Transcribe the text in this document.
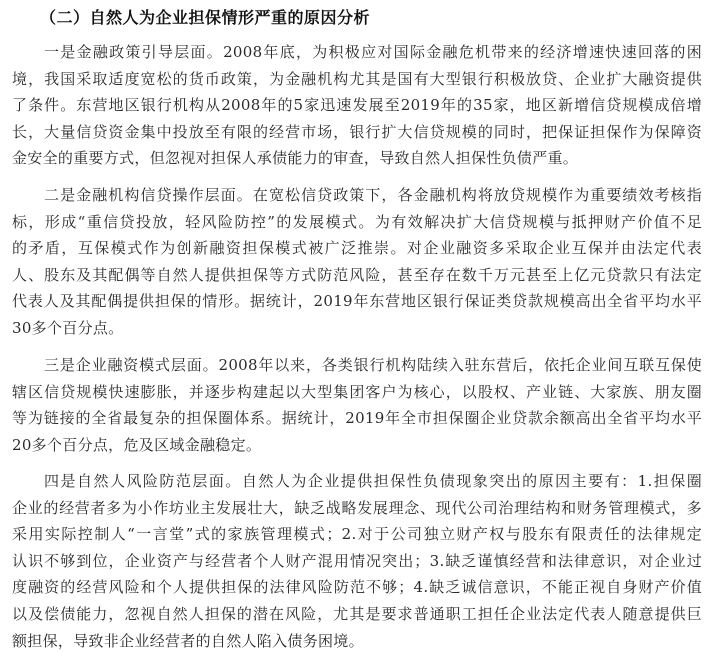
（二）自然人为企业担保情形严重的原因分析
一是金融政策引导层面。2008年底，为积极应对国际金融危机带来的经济增速快速回落的困
境，我国采取适度宽松的货币政策，为金融机构尤其是国有大型银行积极放贷、企业扩大融资提供
了条件。东营地区银行机构从2008年的5家迅速发展至2019年的35家，地区新增信贷规模成倍增
长，大量信贷资金集中投放至有限的经营市场，银行扩大信贷规模的同时，把保证担保作为保障资
金安全的重要方式，但忽视对担保人承债能力的审查，导致自然人担保性负债严重。
二是金融机构信贷操作层面。在宽松信贷政策下，各金融机构将放贷规模作为重要绩效考核指
标，形成“重信贷投放，轻风险防控”的发展模式。为有效解决扩大信贷规模与抵押财产价值不足
的矛盾，互保模式作为创新融资担保模式被广泛推崇。对企业融资多采取企业互保并由法定代表
人、股东及其配偶等自然人提供担保等方式防范风险，甚至存在数千万元甚至上亿元贷款只有法定
代表人及其配偶提供担保的情形。据统计，2019年东营地区银行保证类贷款规模高出全省平均水平
30多个百分点。
三是企业融资模式层面。2008年以来，各类银行机构陆续入驻东营后，依托企业间互联互保使
辖区信贷规模快速膨胀，并逐步构建起以大型集团客户为核心，以股权、产业链、大家族、朋友圈
等为链接的全省最复杂的担保圈体系。据统计，2019年全市担保圈企业贷款余额高出全省平均水平
20多个百分点，危及区域金融稳定。
四是自然人风险防范层面。自然人为企业提供担保性负债现象突出的原因主要有：1.担保圈
企业的经营者多为小作坊业主发展壮大，缺乏战略发展理念、现代公司治理结构和财务管理模式，多
采用实际控制人“一言堂”式的家族管理模式；2.对于公司独立财产权与股东有限责任的法律规定
认识不够到位，企业资产与经营者个人财产混用情况突出；3.缺乏谨慎经营和法律意识，对企业过
度融资的经营风险和个人提供担保的法律风险防范不够；4.缺乏诚信意识，不能正视自身财产价值
以及偿债能力，忽视自然人担保的潜在风险，尤其是要求普通职工担任企业法定代表人随意提供巨
额担保，导致非企业经营者的自然人陷入债务困境。
